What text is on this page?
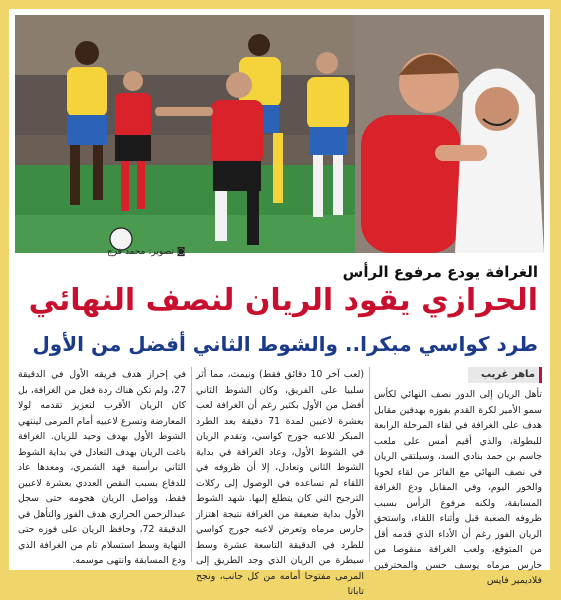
◙ تصوير: محمد فرج
الغرافة يودع مرفوع الرأس
الحرازي يقود الريان لنصف النهائي
طرد كواسي مبكرا.. والشوط الثاني أفضل من الأول
ماهر غريب
تأهل الريان إلى الدور نصف النهائي لكأس سمو الأمير لكرة القدم بفوزه بهدفين مقابل هدف على الغرافة في لقاء المرحلة الرابعة للبطولة، والذي أقيم أمس على ملعب جاسم بن حمد بنادي السد، وسيلتقي الريان في نصف النهائي مع الفائز من لقاء لخويا والخور اليوم، وفي المقابل ودع الغرافة المسابقة، ولكنه مرفوع الرأس بسبب ظروفه الصعبة قبل وأثناء اللقاء، واستحق الريان الفوز رغم أن الأداء الذي قدمه أقل من المتوقع، ولعب الغرافة منقوصا من حارس مرماه يوسف حسن والمحترفين فلاديمير فايس
(لعب آخر 10 دقائق فقط) ونيمث، مما أثر سلبيا على الفريق، وكان الشوط الثاني أفضل من الأول بكثير رغم أن الغرافة لعب بعشرة لاعبين لمدة 71 دقيقة بعد الطرد المبكر للاعبه جورج كواسي، وتقدم الريان في الشوط الأول، وعاد الغرافة في بداية الشوط الثاني وتعادل، إلا أن ظروفه في اللقاء لم تساعده في الوصول إلى ركلات الترجيح التي كان يتطلع إليها. شهد الشوط الأول بداية ضعيفة من الغرافة نتيجة اهتزاز حارس مرماه وتعرض لاعبه جورج كواسي للطرد في الدقيقة التاسعة عشرة وسط سيطرة من الريان الذي وجد الطريق إلى المرمى مفتوحا أمامه من كل جانب، ونجح تاباتا
في إحراز هدف فريقه الأول في الدقيقة 27، ولم تكن هناك ردة فعل من الغرافة، بل كان الريان الأقرب لتعزيز تقدمه لولا المعارضة وتسرع لاعبيه أمام المرمى لينتهي الشوط الأول بهدف وحيد للريان. الغرافة باغت الريان بهدف التعادل في بداية الشوط الثاني برأسية فهد الشمري، ومعدها عاد للدفاع بسبب النقص العددي بعشرة لاعبين فقط، وواصل الريان هجومه حتى سجل عبدالرحمن الحرازي هدف الفوز والتأهل في الدقيقة 72، وحافظ الريان على فوزه حتى النهاية وسط استسلام تام من الغرافة الذي ودع المسابقة وانتهى موسمه.
